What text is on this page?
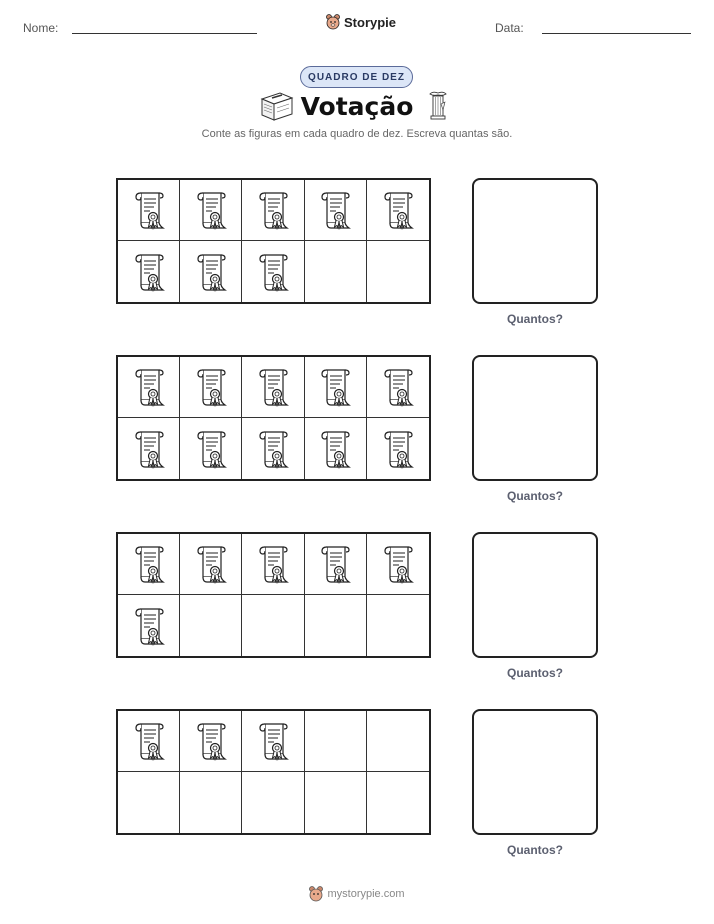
Nome:	Storypie	Data:
QUADRO DE DEZ
Votação
Conte as figuras em cada quadro de dez. Escreva quantas são.
Quantos?
Quantos?
Quantos?
Quantos?
mystorypie.com
